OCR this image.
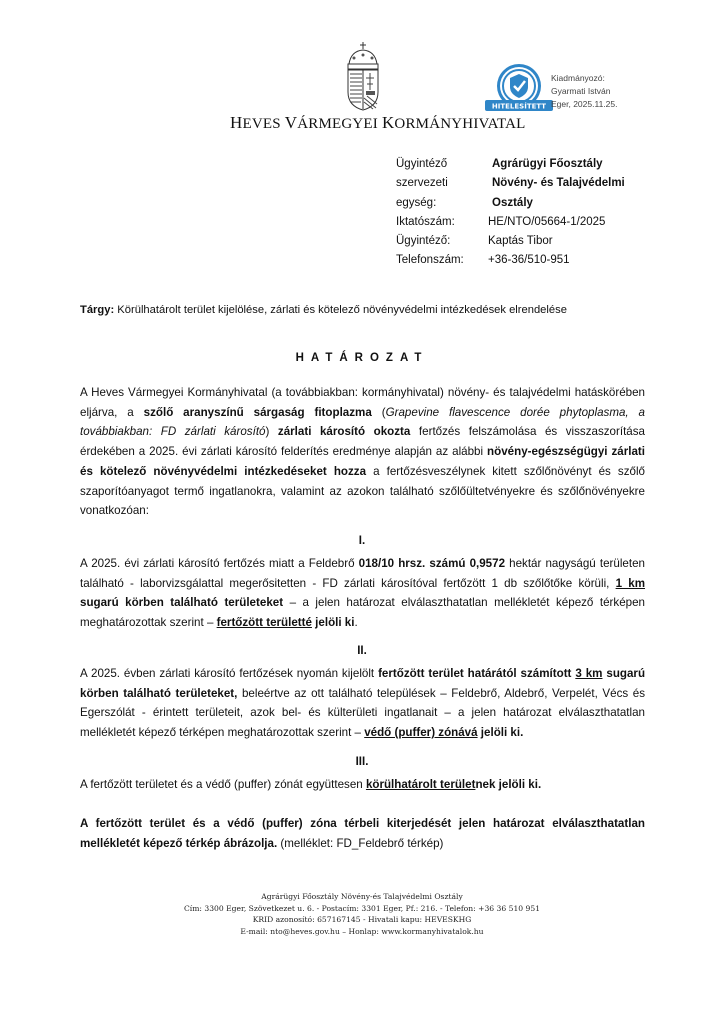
HEVES VÁRMEGYEI KORMÁNYHIVATAL
HITELESÍTETT
Kiadmányozó:
Gyarmati István
Eger, 2025.11.25.
Ügyintéző	Agrárügyi Főosztály
szervezeti	Növény- és Talajvédelmi
egység:	Osztály
Iktatószám:	HE/NTO/05664-1/2025
Ügyintéző:	Kaptás Tibor
Telefonszám:	+36-36/510-951
Tárgy: Körülhatárolt terület kijelölése, zárlati és kötelező növényvédelmi intézkedések elrendelése
HATÁROZAT
A Heves Vármegyei Kormányhivatal (a továbbiakban: kormányhivatal) növény- és talajvédelmi hatáskörében eljárva, a szőlő aranyszínű sárgaság fitoplazma (Grapevine flavescence dorée phytoplasma, a továbbiakban: FD zárlati károsító) zárlati károsító okozta fertőzés felszámolása és visszaszorítása érdekében a 2025. évi zárlati károsító felderítés eredménye alapján az alábbi növény-egészségügyi zárlati és kötelező növényvédelmi intézkedéseket hozza a fertőzésveszélynek kitett szőlőnövényt és szőlő szaporítóanyagot termő ingatlanokra, valamint az azokon található szőlőültetvényekre és szőlőnövényekre vonatkozóan:
I.
A 2025. évi zárlati károsító fertőzés miatt a Feldebrő 018/10 hrsz. számú 0,9572 hektár nagyságú területen található - laborvizsgálattal megerősitetten - FD zárlati károsítóval fertőzött 1 db szőlőtőke körüli, 1 km sugarú körben található területeket – a jelen határozat elválaszthatatlan mellékletét képező térképen meghatározottak szerint – fertőzött területté jelöli ki.
II.
A 2025. évben zárlati károsító fertőzések nyomán kijelölt fertőzött terület határától számított 3 km sugarú körben található területeket, beleértve az ott található települések – Feldebrő, Aldebrő, Verpelét, Vécs és Egerszólát - érintett területeit, azok bel- és külterületi ingatlanait – a jelen határozat elválaszthatatlan mellékletét képező térképen meghatározottak szerint – védő (puffer) zónává jelöli ki.
III.
A fertőzött területet és a védő (puffer) zónát együttesen körülhatárolt területnek jelöli ki.
A fertőzött terület és a védő (puffer) zóna térbeli kiterjedését jelen határozat elválaszthatatlan mellékletét képező térkép ábrázolja. (melléklet: FD_Feldebrő térkép)
Agrárügyi Főosztály Növény-és Talajvédelmi Osztály
Cím: 3300 Eger, Szövetkezet u. 6. - Postacím: 3301 Eger, Pf.: 216. - Telefon: +36 36 510 951
KRID azonosító: 657167145 - Hivatali kapu: HEVESKHG
E-mail: nto@heves.gov.hu – Honlap: www.kormanyhivatalok.hu
